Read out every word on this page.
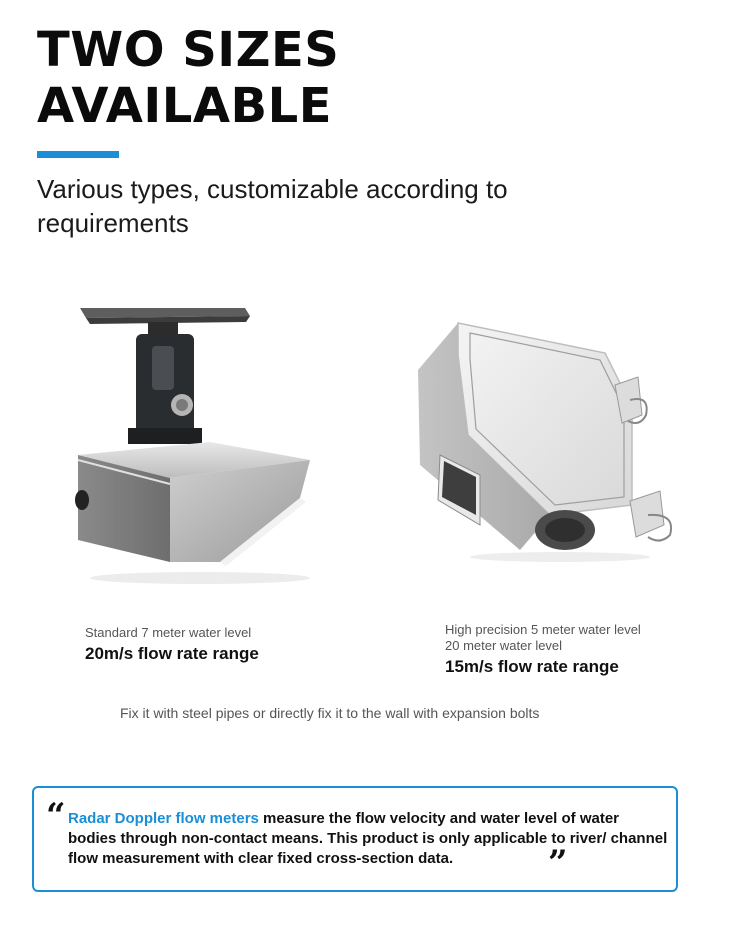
TWO SIZES AVAILABLE
Various types, customizable according to requirements
Standard 7 meter water level
20m/s flow rate range
High precision 5 meter water level
20 meter water level
15m/s flow rate range
Fix it with steel pipes or directly fix it to the wall with expansion bolts
“ Radar Doppler flow meters measure the flow velocity and water level of water bodies through non-contact means. This product is only applicable to river/ channel flow measurement with clear fixed cross-section data.	”
